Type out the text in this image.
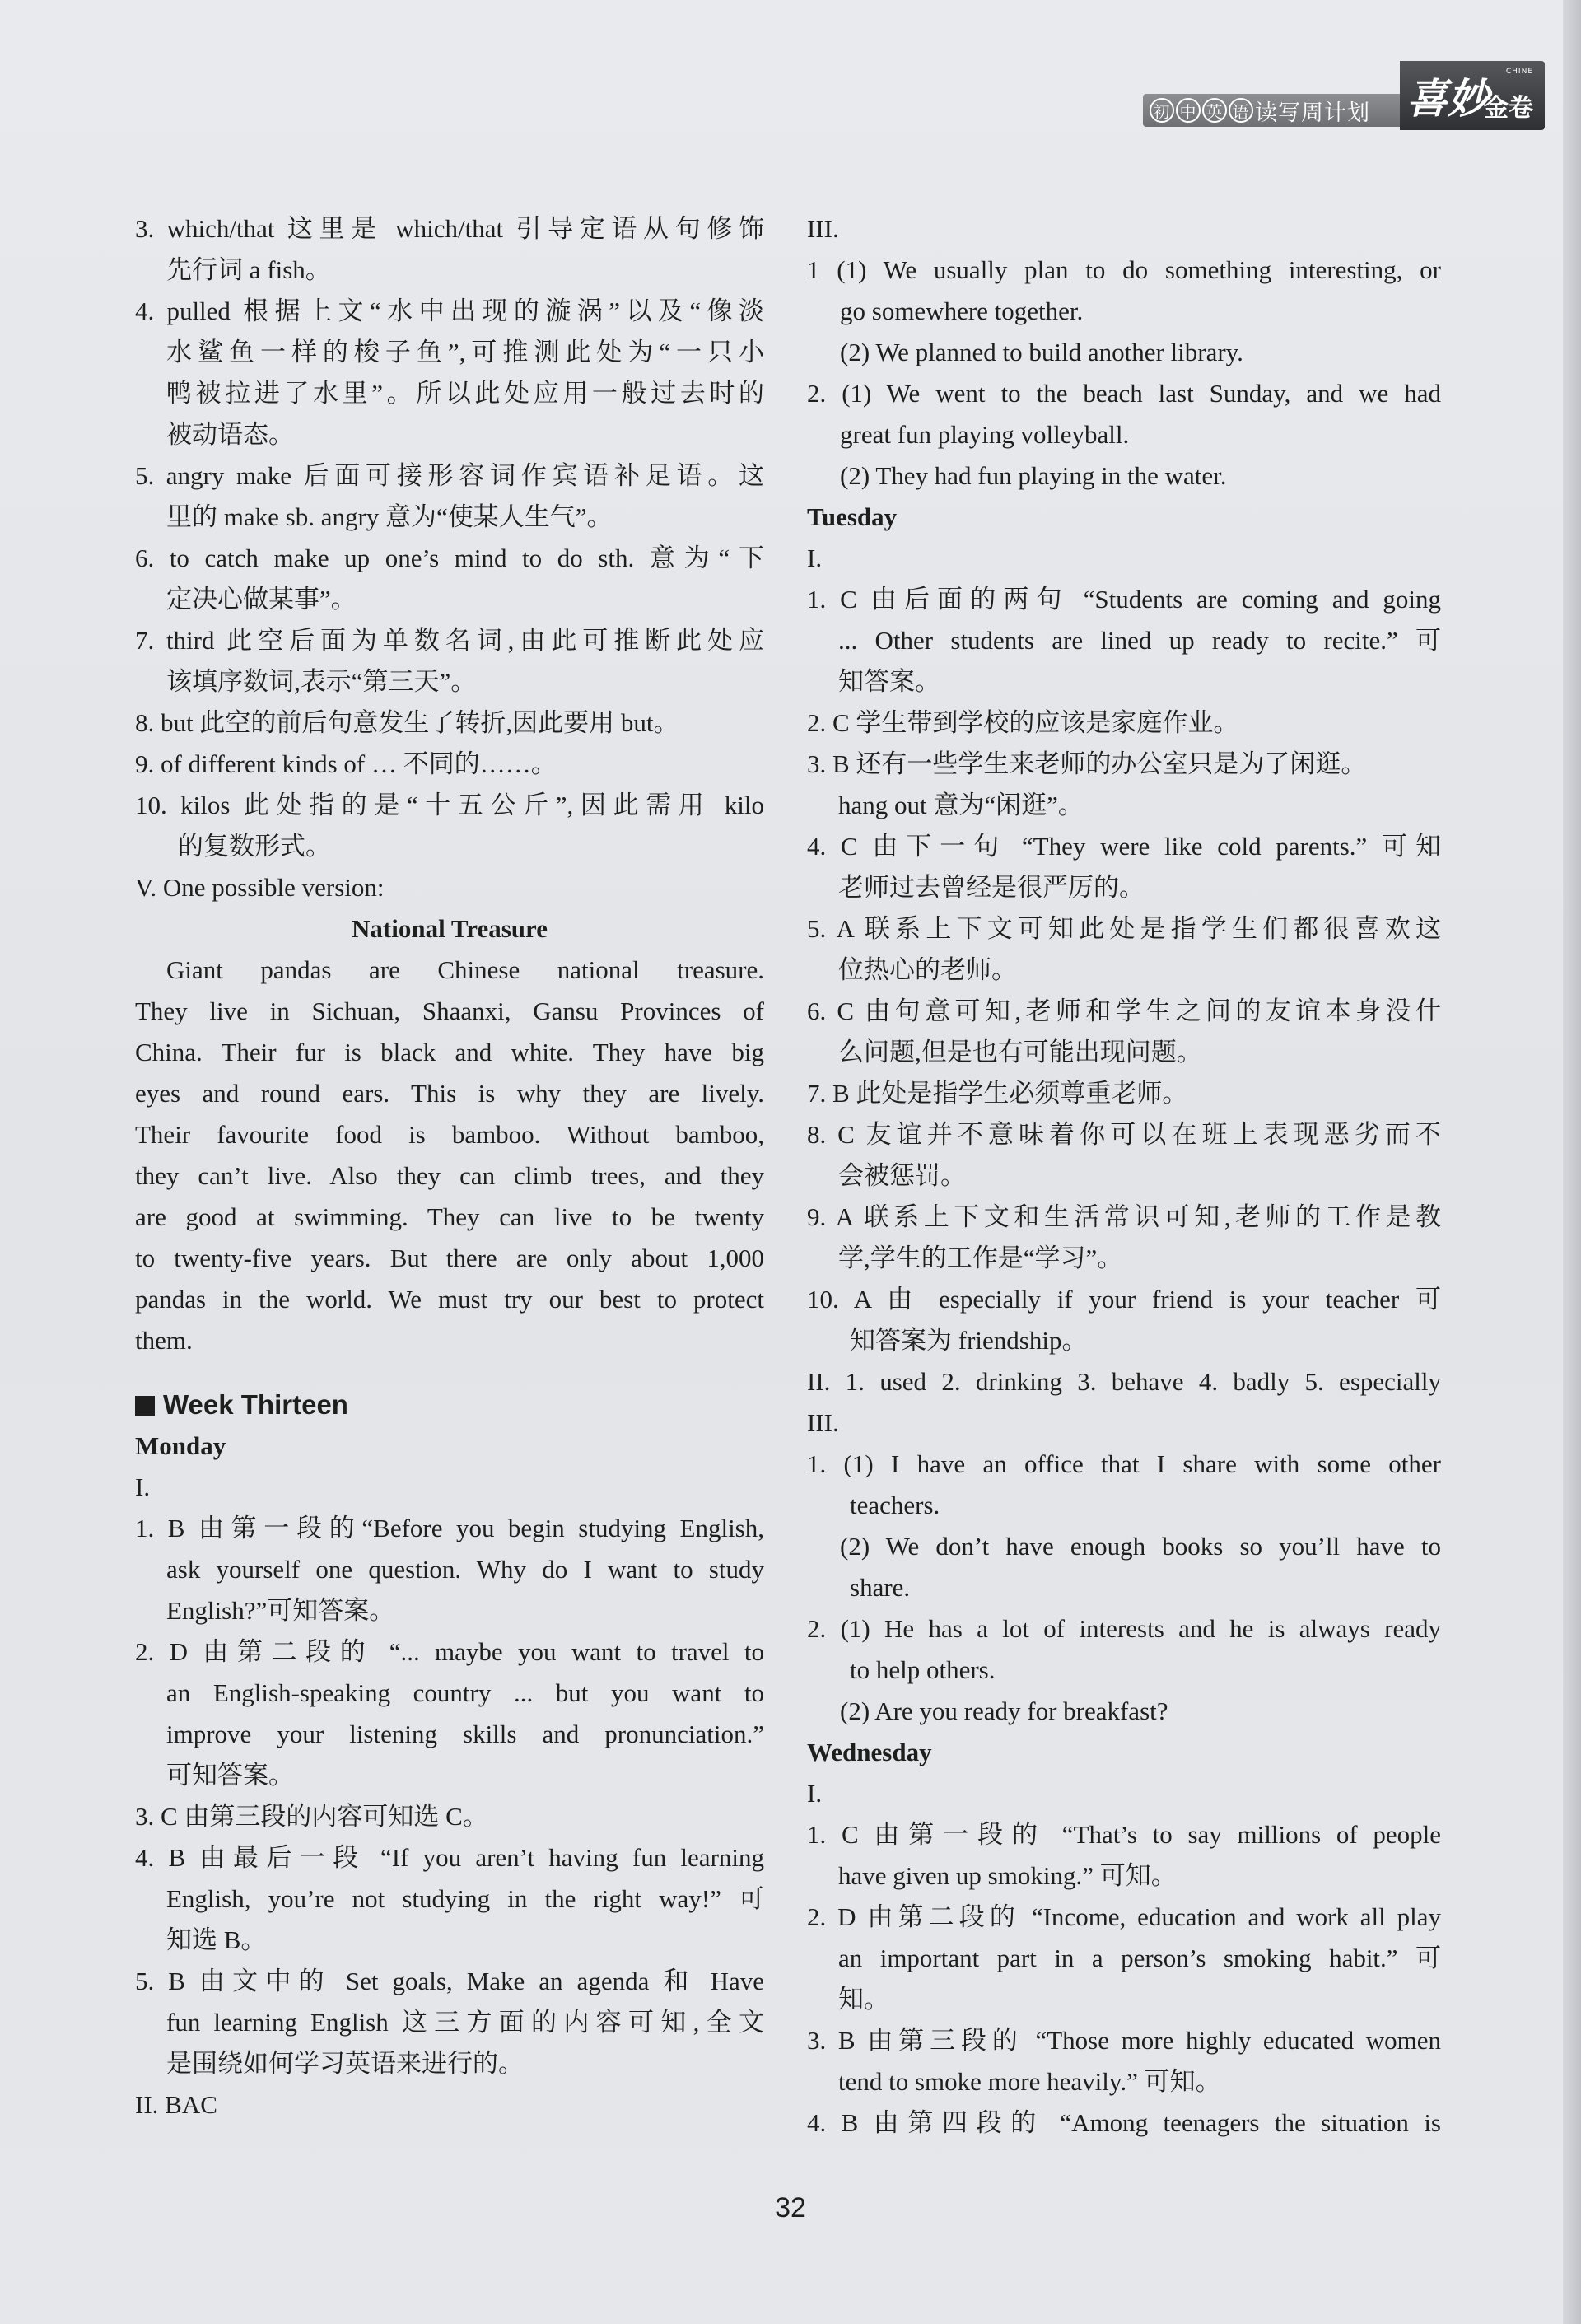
初 中 英 语 读写周计划 喜妙
CHINE
金卷
3. which/that 这里是 which/that 引导定语从句修饰
先行词 a fish。
4. pulled 根据上文“水中出现的漩涡”以及“像淡
水鲨鱼一样的梭子鱼”,可推测此处为“一只小
鸭被拉进了水里”。所以此处应用一般过去时的
被动语态。
5. angry make 后面可接形容词作宾语补足语。这
里的 make sb. angry 意为“使某人生气”。
6. to catch make up one’s mind to do sth. 意为“下
定决心做某事”。
7. third 此空后面为单数名词,由此可推断此处应
该填序数词,表示“第三天”。
8. but 此空的前后句意发生了转折,因此要用 but。
9. of different kinds of … 不同的……。
10. kilos 此处指的是“十五公斤”,因此需用 kilo
的复数形式。
V. One possible version:
National Treasure
Giant pandas are Chinese national treasure.
They live in Sichuan, Shaanxi, Gansu Provinces of
China. Their fur is black and white. They have big
eyes and round ears. This is why they are lively.
Their favourite food is bamboo. Without bamboo,
they can’t live. Also they can climb trees, and they
are good at swimming. They can live to be twenty
to twenty-five years. But there are only about 1,000
pandas in the world. We must try our best to protect
them.
Week Thirteen
Monday
I.
1. B 由第一段的“Before you begin studying English,
ask yourself one question. Why do I want to study
English?”可知答案。
2. D 由第二段的 “... maybe you want to travel to
an English-speaking country ... but you want to
improve your listening skills and pronunciation.”
可知答案。
3. C 由第三段的内容可知选 C。
4. B 由最后一段 “If you aren’t having fun learning
English, you’re not studying in the right way!” 可
知选 B。
5. B 由文中的 Set goals, Make an agenda 和 Have
fun learning English 这三方面的内容可知,全文
是围绕如何学习英语来进行的。
II. BAC
III.
1 (1) We usually plan to do something interesting, or
go somewhere together.
(2) We planned to build another library.
2. (1) We went to the beach last Sunday, and we had
great fun playing volleyball.
(2) They had fun playing in the water.
Tuesday
I.
1. C 由后面的两句 “Students are coming and going
... Other students are lined up ready to recite.” 可
知答案。
2. C 学生带到学校的应该是家庭作业。
3. B 还有一些学生来老师的办公室只是为了闲逛。
hang out 意为“闲逛”。
4. C 由下一句 “They were like cold parents.” 可知
老师过去曾经是很严厉的。
5. A 联系上下文可知此处是指学生们都很喜欢这
位热心的老师。
6. C 由句意可知,老师和学生之间的友谊本身没什
么问题,但是也有可能出现问题。
7. B 此处是指学生必须尊重老师。
8. C 友谊并不意味着你可以在班上表现恶劣而不
会被惩罚。
9. A 联系上下文和生活常识可知,老师的工作是教
学,学生的工作是“学习”。
10. A 由 especially if your friend is your teacher 可
知答案为 friendship。
II. 1. used 2. drinking 3. behave 4. badly 5. especially
III.
1. (1) I have an office that I share with some other
teachers.
(2) We don’t have enough books so you’ll have to
share.
2. (1) He has a lot of interests and he is always ready
to help others.
(2) Are you ready for breakfast?
Wednesday
I.
1. C 由第一段的 “That’s to say millions of people
have given up smoking.” 可知。
2. D 由第二段的 “Income, education and work all play
an important part in a person’s smoking habit.” 可
知。
3. B 由第三段的 “Those more highly educated women
tend to smoke more heavily.” 可知。
4. B 由第四段的 “Among teenagers the situation is
32
